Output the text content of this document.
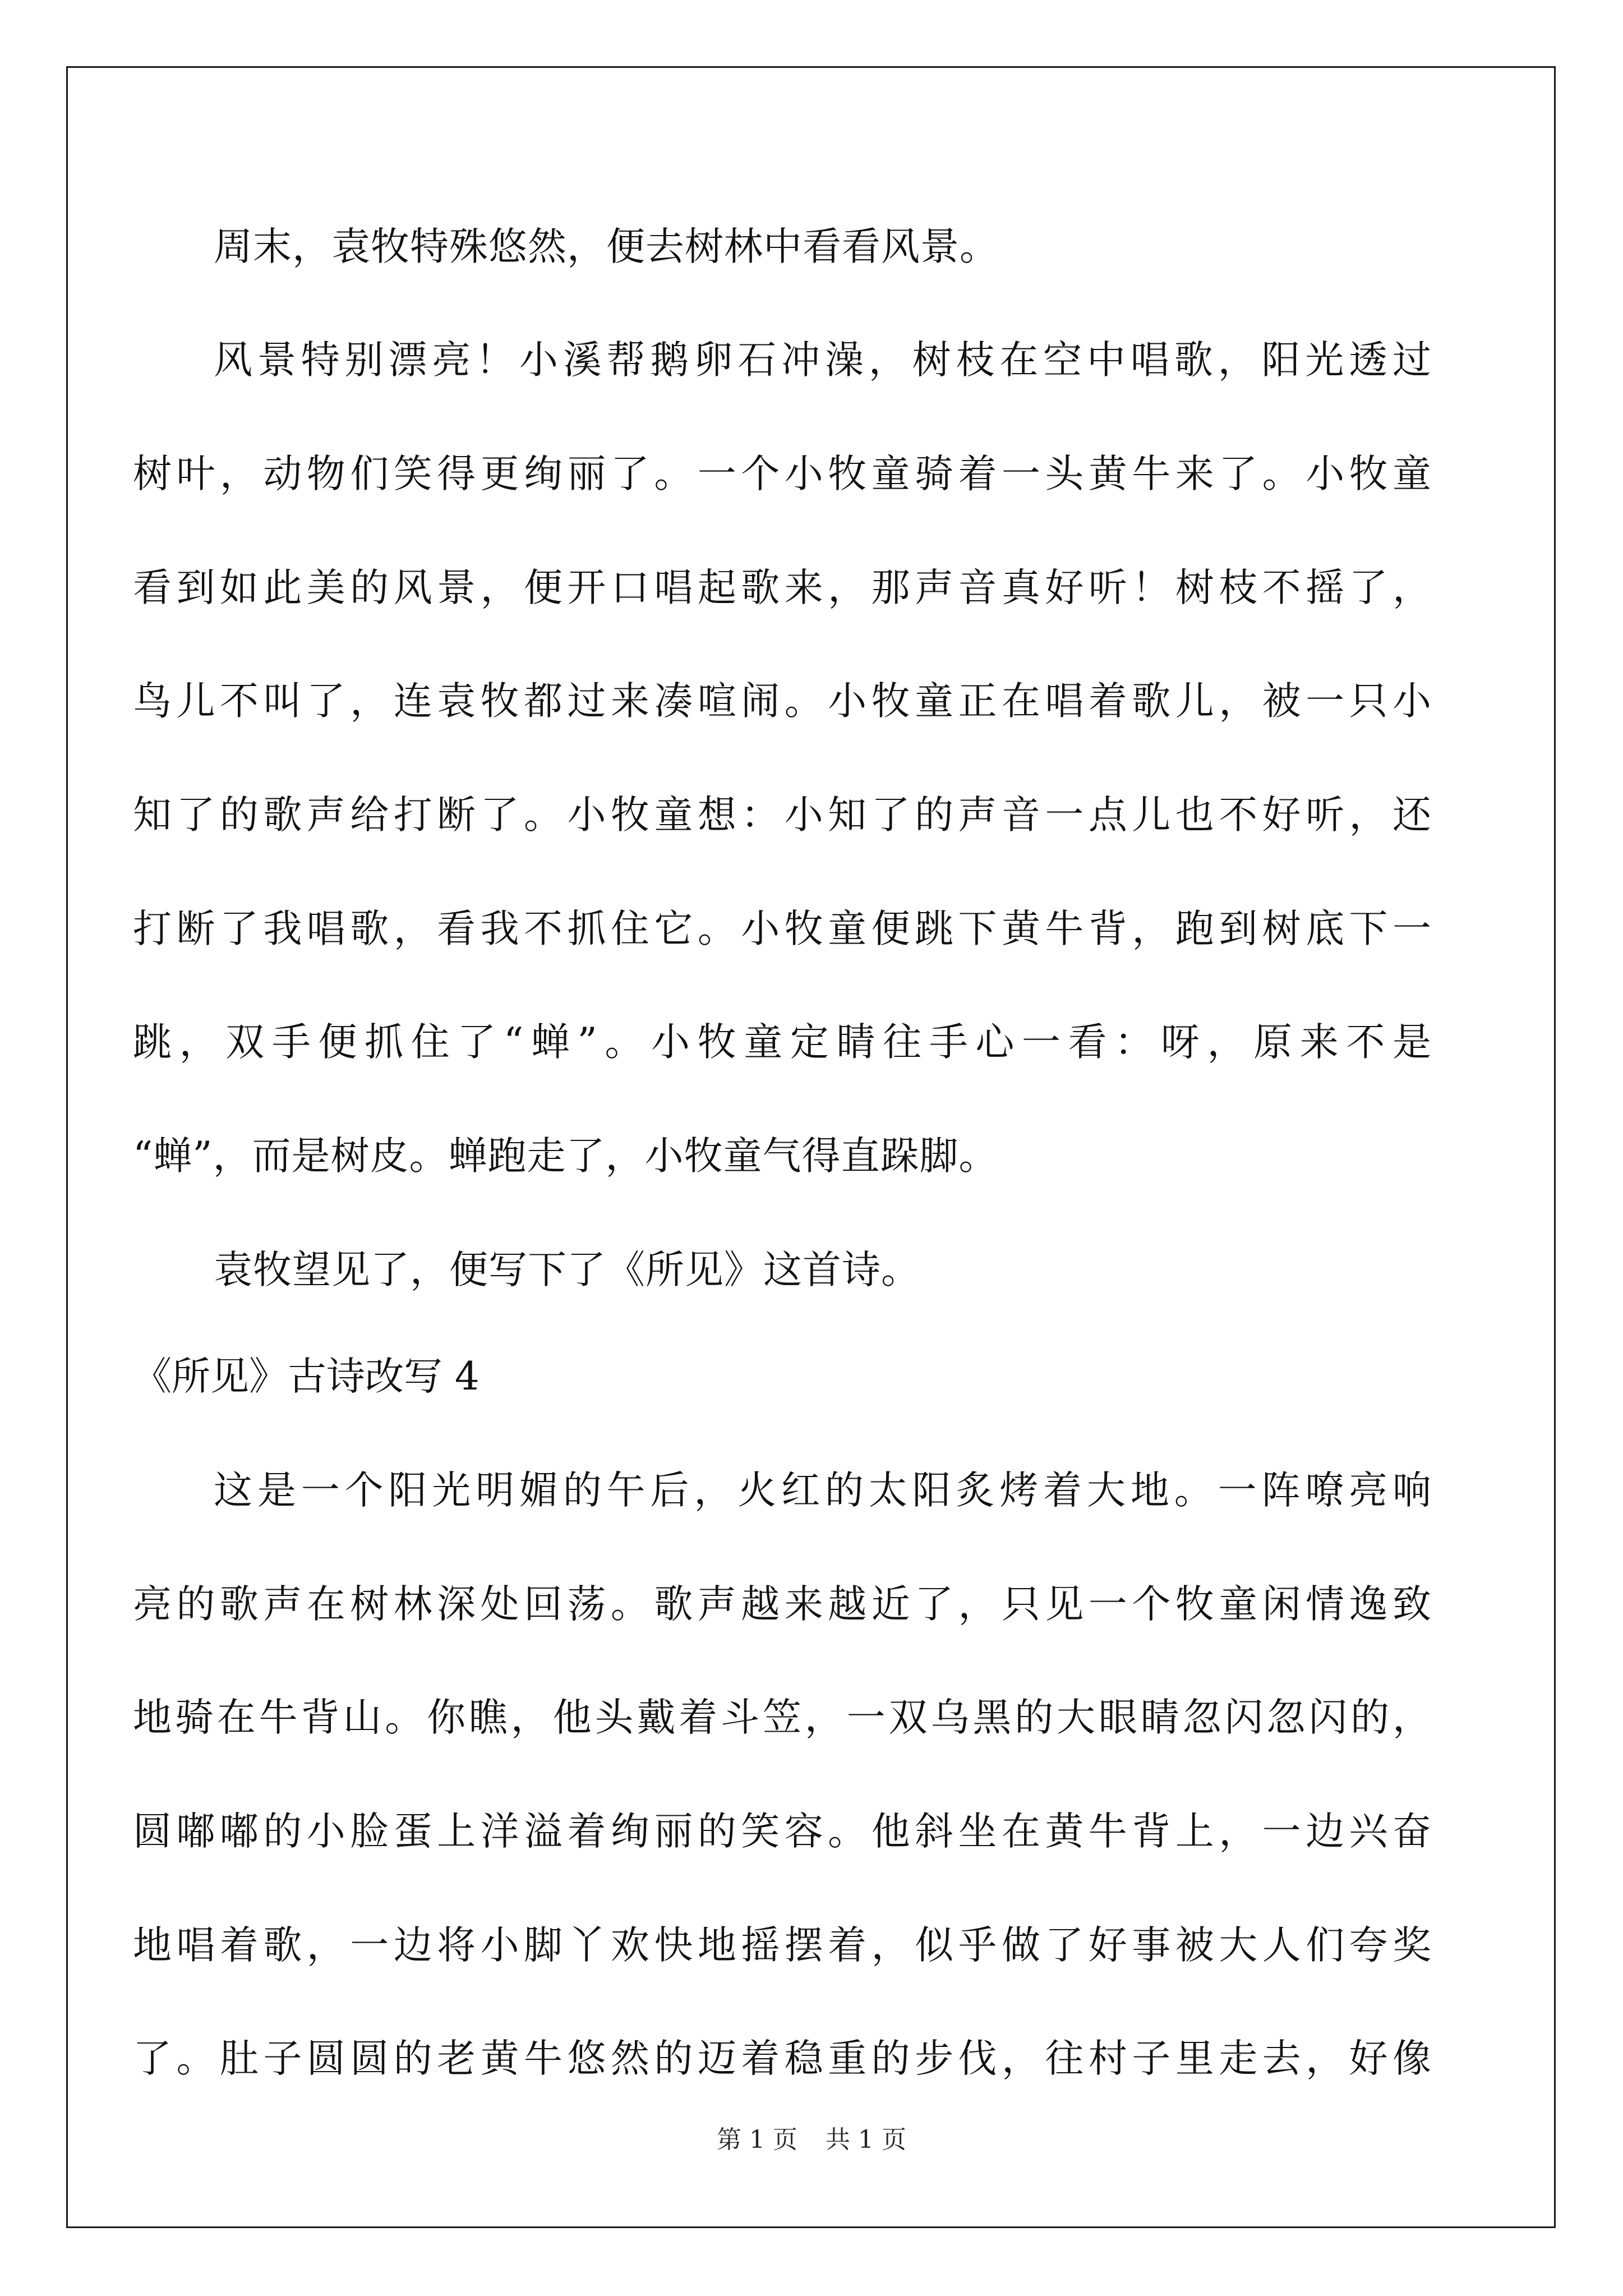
周末，袁牧特殊悠然，便去树林中看看风景。
风景特别漂亮！小溪帮鹅卵石冲澡，树枝在空中唱歌，阳光透过
树叶，动物们笑得更绚丽了。一个小牧童骑着一头黄牛来了。小牧童
看到如此美的风景，便开口唱起歌来，那声音真好听！树枝不摇了，
鸟儿不叫了，连袁牧都过来凑喧闹。小牧童正在唱着歌儿，被一只小
知了的歌声给打断了。小牧童想：小知了的声音一点儿也不好听，还
打断了我唱歌，看我不抓住它。小牧童便跳下黄牛背，跑到树底下一
跳，双手便抓住了“蝉”。小牧童定睛往手心一看：呀，原来不是
“蝉”，而是树皮。蝉跑走了，小牧童气得直跺脚。
袁牧望见了，便写下了《所见》这首诗。
《所见》古诗改写 4
这是一个阳光明媚的午后，火红的太阳炙烤着大地。一阵嘹亮响
亮的歌声在树林深处回荡。歌声越来越近了，只见一个牧童闲情逸致
地骑在牛背山。你瞧，他头戴着斗笠，一双乌黑的大眼睛忽闪忽闪的，
圆嘟嘟的小脸蛋上洋溢着绚丽的笑容。他斜坐在黄牛背上，一边兴奋
地唱着歌，一边将小脚丫欢快地摇摆着，似乎做了好事被大人们夸奖
了。肚子圆圆的老黄牛悠然的迈着稳重的步伐，往村子里走去，好像
第 1 页 共 1 页
